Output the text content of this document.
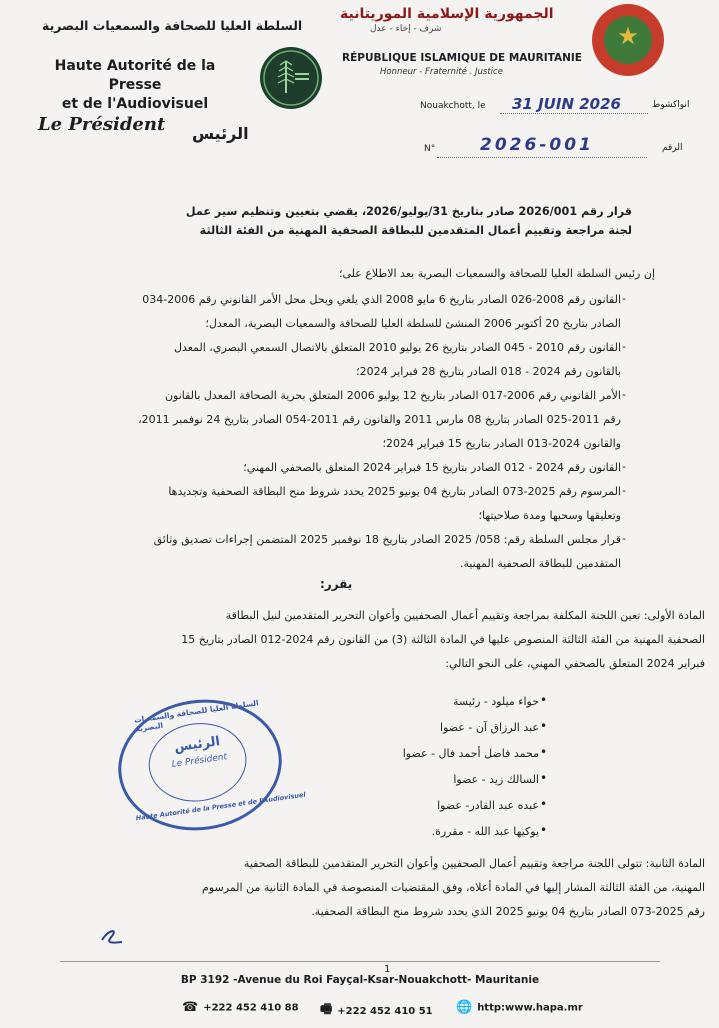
السلطة العليا للصحافة والسمعيات البصرية
Haute Autorité de la Presse
et de l'Audiovisuel
Le Président الرئيس
★
الجمهورية الإسلامية الموريتانية
شرف - إخاء - عدل
RÉPUBLIQUE ISLAMIQUE DE MAURITANIE
Honneur - Fraternité . Justice
Nouakchott, le	انواكشوط
31 JUIN 2026
N°	الرقم
2026-001
قرار رقم 2026/001 صادر بتاريخ 31/يوليو/2026، يقضي بتعيين وتنظيم سير عمل
لجنة مراجعة وتقييم أعمال المتقدمين للبطاقة الصحفية المهنية من الفئة الثالثة
إن رئيس السلطة العليا للصحافة والسمعيات البصرية بعد الاطلاع على؛
القانون رقم 2008-026 الصادر بتاريخ 6 مايو 2008 الذي يلغي ويحل محل الأمر القانوني رقم 2006-034
الصادر بتاريخ 20 أكتوبر 2006 المنشئ للسلطة العليا للصحافة والسمعيات البصرية، المعدل؛
القانون رقم 2010 - 045 الصادر بتاريخ 26 يوليو 2010 المتعلق بالاتصال السمعي البصري، المعدل
بالقانون رقم 2024 - 018 الصادر بتاريخ 28 فبراير 2024؛
الأمر القانوني رقم 2006-017 الصادر بتاريخ 12 يوليو 2006 المتعلق بحرية الصحافة المعدل بالقانون
رقم 2011-025 الصادر بتاريخ 08 مارس 2011 والقانون رقم 2011-054 الصادر بتاريخ 24 نوفمبر 2011،
والقانون 2024-013 الصادر بتاريخ 15 فبراير 2024؛
القانون رقم 2024 - 012 الصادر بتاريخ 15 فبراير 2024 المتعلق بالصحفي المهني؛
المرسوم رقم 2025-073 الصادر بتاريخ 04 يونيو 2025 يحدد شروط منح البطاقة الصحفية وتجديدها
وتعليقها وسحبها ومدة صلاحيتها؛
قرار مجلس السلطة رقم: 058/ 2025 الصادر بتاريخ 18 نوفمبر 2025 المتضمن إجراءات تصديق وثائق
المتقدمين للبطاقة الصحفية المهنية.
-
-
-
-
-
-
يقرر:
المادة الأولى: تعين اللجنة المكلفة بمراجعة وتقييم أعمال الصحفيين وأعوان التحرير المتقدمين لنيل البطاقة
الصحفية المهنية من الفئة الثالثة المنصوص عليها في المادة الثالثة (3) من القانون رقم 2024-012 الصادر بتاريخ 15
فبراير 2024 المتعلق بالصحفي المهني، على النحو التالي:
حواء ميلود - رئيسة
عبد الرزاق آن - عضوا
محمد فاضل أحمد فال - عضوا
السالك زيد - عضوا
عبده عبد القادر- عضوا
يوكيها عبد الله - مقررة.
•
•
•
•
•
•
المادة الثانية: تتولى اللجنة مراجعة وتقييم أعمال الصحفيين وأعوان التحرير المتقدمين للبطاقة الصحفية
المهنية، من الفئة الثالثة المشار إليها في المادة أعلاه، وفق المقتضيات المنصوصة في المادة الثانية من المرسوم
رقم 2025-073 الصادر بتاريخ 04 يونيو 2025 الذي يحدد شروط منح البطاقة الصحفية.
السلطة العليا للصحافة والسمعيات البصرية
الرئيس
Le Président
Haute Autorité de la Presse et de l'Audiovisuel
1
BP 3192 -Avenue du Roi Fayçal-Ksar-Nouakchott- Mauritanie
☎ +222 452 410 88 🖷 +222 452 410 51 🌐 http:www.hapa.mr
